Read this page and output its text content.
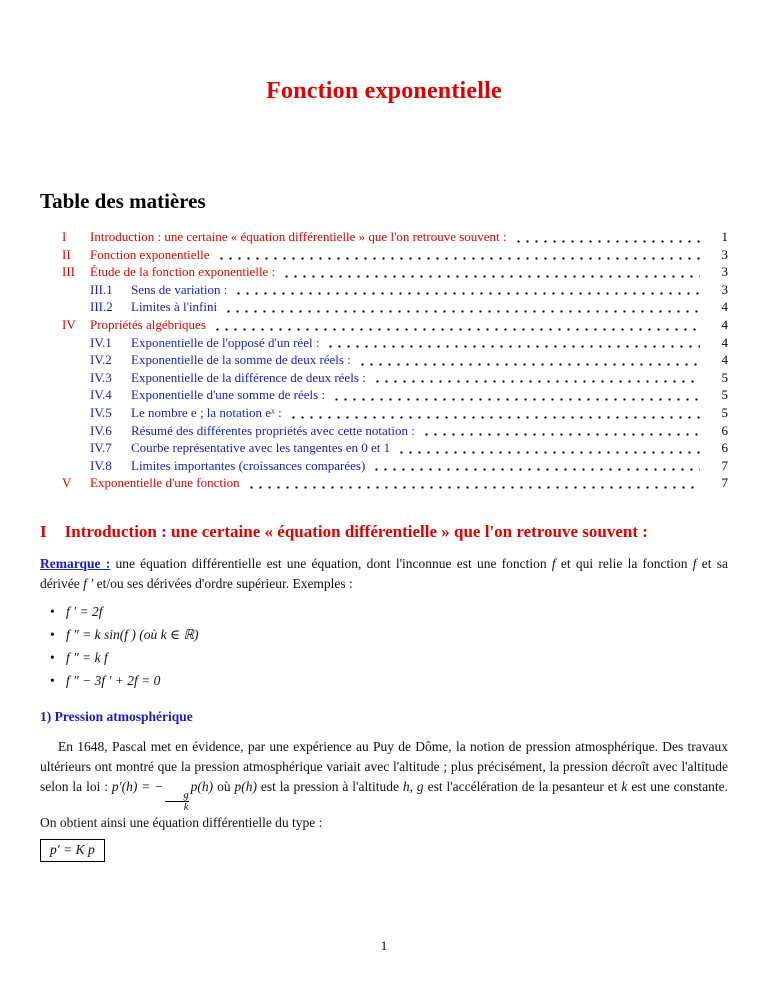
Fonction exponentielle
Table des matières
I	Introduction : une certaine « équation différentielle » que l'on retrouve souvent :	1
II	Fonction exponentielle	3
III	Étude de la fonction exponentielle :	3
III.1	Sens de variation :	3
III.2	Limites à l'infini	4
IV	Propriétés algébriques	4
IV.1	Exponentielle de l'opposé d'un réel :	4
IV.2	Exponentielle de la somme de deux réels :	4
IV.3	Exponentielle de la différence de deux réels :	5
IV.4	Exponentielle d'une somme de réels :	5
IV.5	Le nombre e ; la notation eˣ :	5
IV.6	Résumé des différentes propriétés avec cette notation :	6
IV.7	Courbe représentative avec les tangentes en 0 et 1	6
IV.8	Limites importantes (croissances comparées)	7
V	Exponentielle d'une fonction	7
I Introduction : une certaine « équation différentielle » que l'on retrouve souvent :

Remarque : une équation différentielle est une équation, dont l'inconnue est une fonction f et qui relie la fonction f et sa dérivée f ′ et/ou ses dérivées d'ordre supérieur. Exemples :

• f ′ = 2f
• f ″ = k sin(f ) (où k ∈ ℝ)
• f ″ = k f
• f ″ − 3f ′ + 2f = 0
1) Pression atmosphérique

En 1648, Pascal met en évidence, par une expérience au Puy de Dôme, la notion de pression atmosphérique. Des travaux ultérieurs ont montré que la pression atmosphérique variait avec l'altitude ; plus précisément, la pression décroît avec l'altitude selon la loi : p′(h) = −
$\frac{g}{k}$
p(h) où p(h) est la pression à l'altitude h, g est l'accélération de la pesanteur et k est une constante. On obtient ainsi une équation différentielle du type :

p′ = K p
1
